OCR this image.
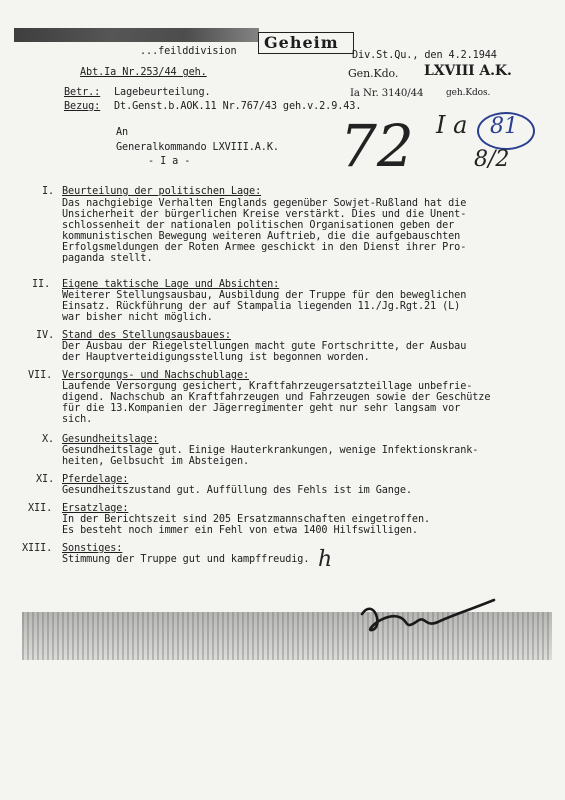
...feilddivision Geheim
Div.St.Qu., den 4.2.1944
Abt.Ia Nr.253/44 geh.	Gen.Kdo. LXVIII A.K.
Ia Nr. 3140/44	geh.Kdos.
Betr.: Lagebeurteilung.
Bezug: Dt.Genst.b.AOK.11 Nr.767/43 geh.v.2.9.43.
An
Generalkommando LXVIII.A.K.
- I a -	72 I a 81
8/2
I. Beurteilung der politischen Lage:
Das nachgiebige Verhalten Englands gegenüber Sowjet-Rußland hat die
Unsicherheit der bürgerlichen Kreise verstärkt. Dies und die Unent-
schlossenheit der nationalen politischen Organisationen geben der
kommunistischen Bewegung weiteren Auftrieb, die die aufgebauschten
Erfolgsmeldungen der Roten Armee geschickt in den Dienst ihrer Pro-
paganda stellt.
II. Eigene taktische Lage und Absichten:
Weiterer Stellungsausbau, Ausbildung der Truppe für den beweglichen
Einsatz. Rückführung der auf Stampalia liegenden 11./Jg.Rgt.21 (L)
war bisher nicht möglich.
IV. Stand des Stellungsausbaues:
Der Ausbau der Riegelstellungen macht gute Fortschritte, der Ausbau
der Hauptverteidigungsstellung ist begonnen worden.
VII. Versorgungs- und Nachschublage:
Laufende Versorgung gesichert, Kraftfahrzeugersatzteillage unbefrie-
digend. Nachschub an Kraftfahrzeugen und Fahrzeugen sowie der Geschütze
für die 13.Kompanien der Jägerregimenter geht nur sehr langsam vor
sich.
X. Gesundheitslage:
Gesundheitslage gut. Einige Hauterkrankungen, wenige Infektionskrank-
heiten, Gelbsucht im Absteigen.
XI. Pferdelage:
Gesundheitszustand gut. Auffüllung des Fehls ist im Gange.
XII. Ersatzlage:
In der Berichtszeit sind 205 Ersatzmannschaften eingetroffen.
Es besteht noch immer ein Fehl von etwa 1400 Hilfswilligen.
XIII. Sonstiges:
Stimmung der Truppe gut und kampffreudig. h
